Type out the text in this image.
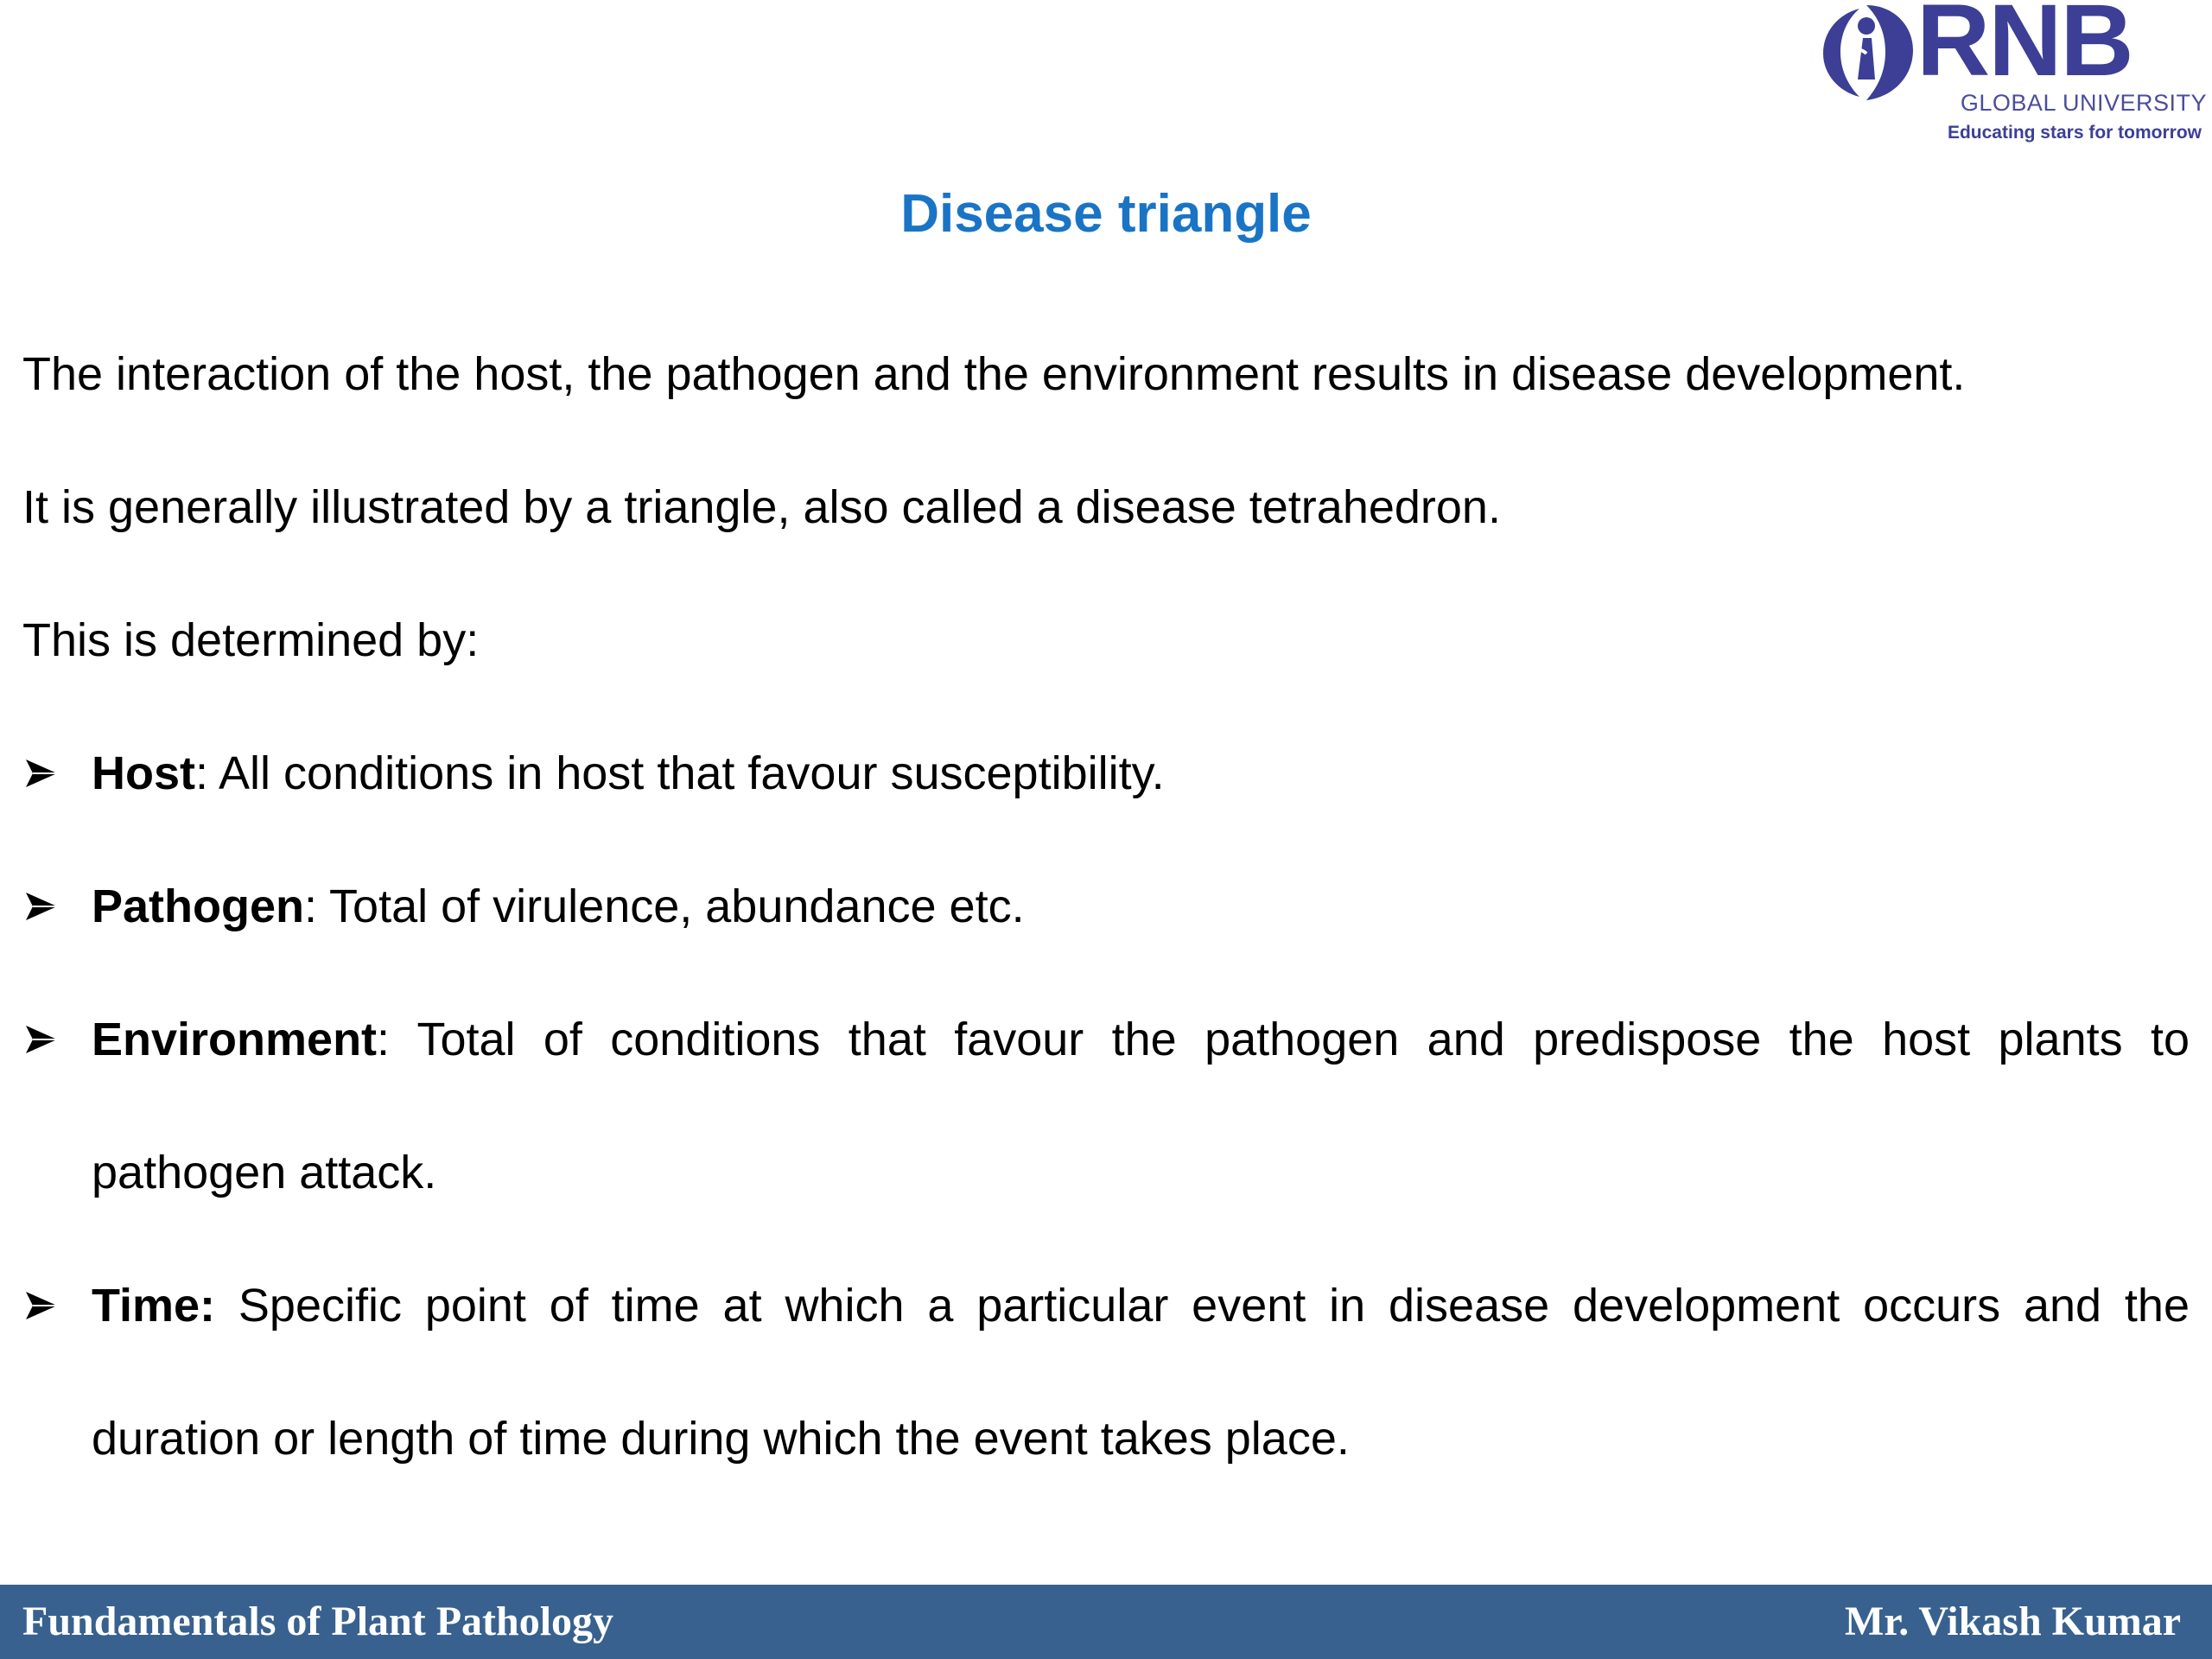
RNB
GLOBAL UNIVERSITY
Educating stars for tomorrow
Disease triangle

The interaction of the host, the pathogen and the environment results in disease development.

It is generally illustrated by a triangle, also called a disease tetrahedron.

This is determined by:

Host: All conditions in host that favour susceptibility.
Pathogen: Total of virulence, abundance etc.
Environment: Total of conditions that favour the pathogen and predispose the host plants to pathogen attack.
Time: Specific point of time at which a particular event in disease development occurs and the duration or length of time during which the event takes place.
Fundamentals of Plant Pathology	Mr. Vikash Kumar
